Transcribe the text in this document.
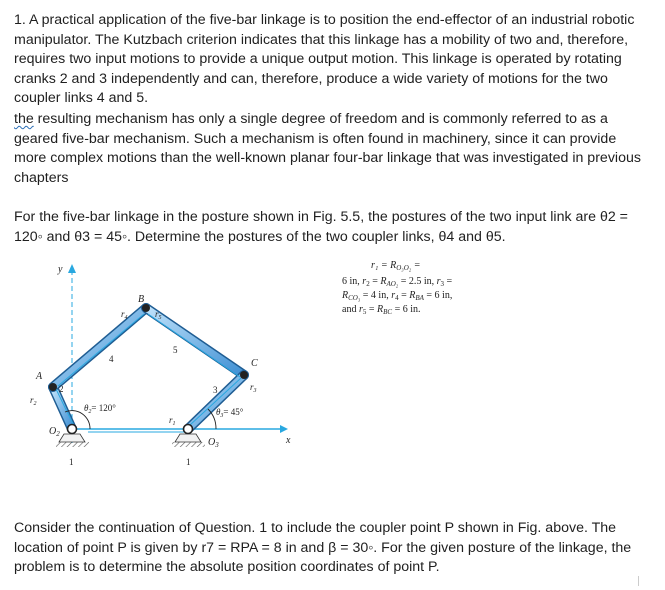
1. A practical application of the five-bar linkage is to position the end-effector of an industrial robotic manipulator. The Kutzbach criterion indicates that this linkage has a mobility of two and, therefore, requires two input motions to provide a unique output motion. This linkage is operated by rotating cranks 2 and 3 independently and can, therefore, produce a wide variety of motions for the two coupler links 4 and 5.

the resulting mechanism has only a single degree of freedom and is commonly referred to as a geared five-bar mechanism. Such a mechanism is often found in machinery, since it can provide more complex motions than the well-known planar four-bar linkage that was investigated in previous chapters

For the five-bar linkage in the posture shown in Fig. 5.5, the postures of the two input link are θ2 = 120◦ and θ3 = 45◦. Determine the postures of the two coupler links, θ4 and θ5.

y
x
A
B
C
$O_2$
$O_3$
2	3
4
5
1	1
$r_1$
$r_2$
$r_3$
$r_4$	$r_5$
$\theta_2= 120^\circ$	$\theta_3= 45^\circ$
$r_1 = R_{O_3O_2}$ =
6 in, $r_2 = R_{AO_2} = 2.5$ in, $r_3$ =
$R_{CO_3} = 4$ in, $r_4 = R_{BA} = 6$ in,
and $r_5 = R_{BC} = 6$ in.

Consider the continuation of Question. 1 to include the coupler point P shown in Fig. above. The location of point P is given by r7 = RPA = 8 in and β = 30◦. For the given posture of the linkage, the problem is to determine the absolute position coordinates of point P.
